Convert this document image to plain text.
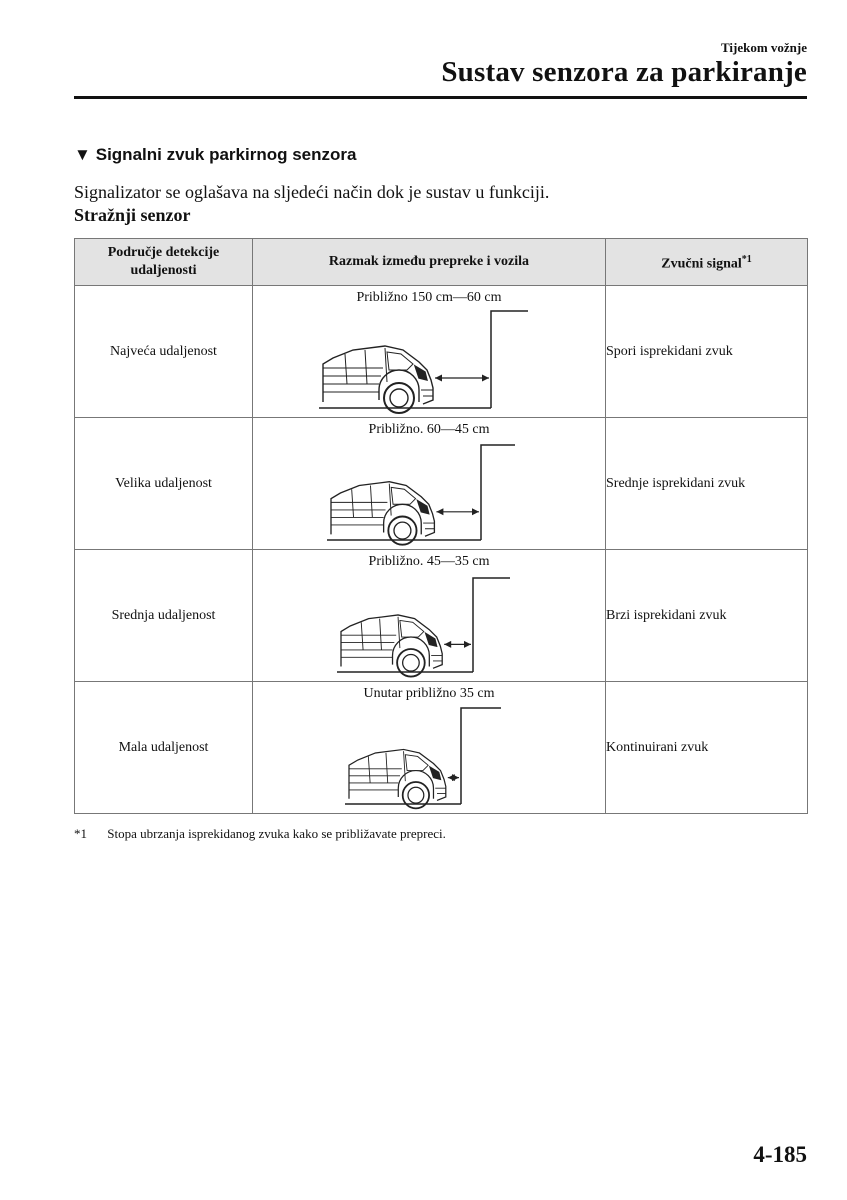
Tijekom vožnje
Sustav senzora za parkiranje
▼ Signalni zvuk parkirnog senzora
Signalizator se oglašava na sljedeći način dok je sustav u funkciji.
Stražnji senzor
Područje detekcije udaljenosti	Razmak između prepreke i vozila	Zvučni signal$^{*1}$
Najveća udaljenost	Približno 150 cm—60 cm	Spori isprekidani zvuk
Velika udaljenost	Približno. 60—45 cm	Srednje isprekidani zvuk
Srednja udaljenost	Približno. 45—35 cm	Brzi isprekidani zvuk
Mala udaljenost	Unutar približno 35 cm	Kontinuirani zvuk
*1 Stopa ubrzanja isprekidanog zvuka kako se približavate prepreci.
4-185
